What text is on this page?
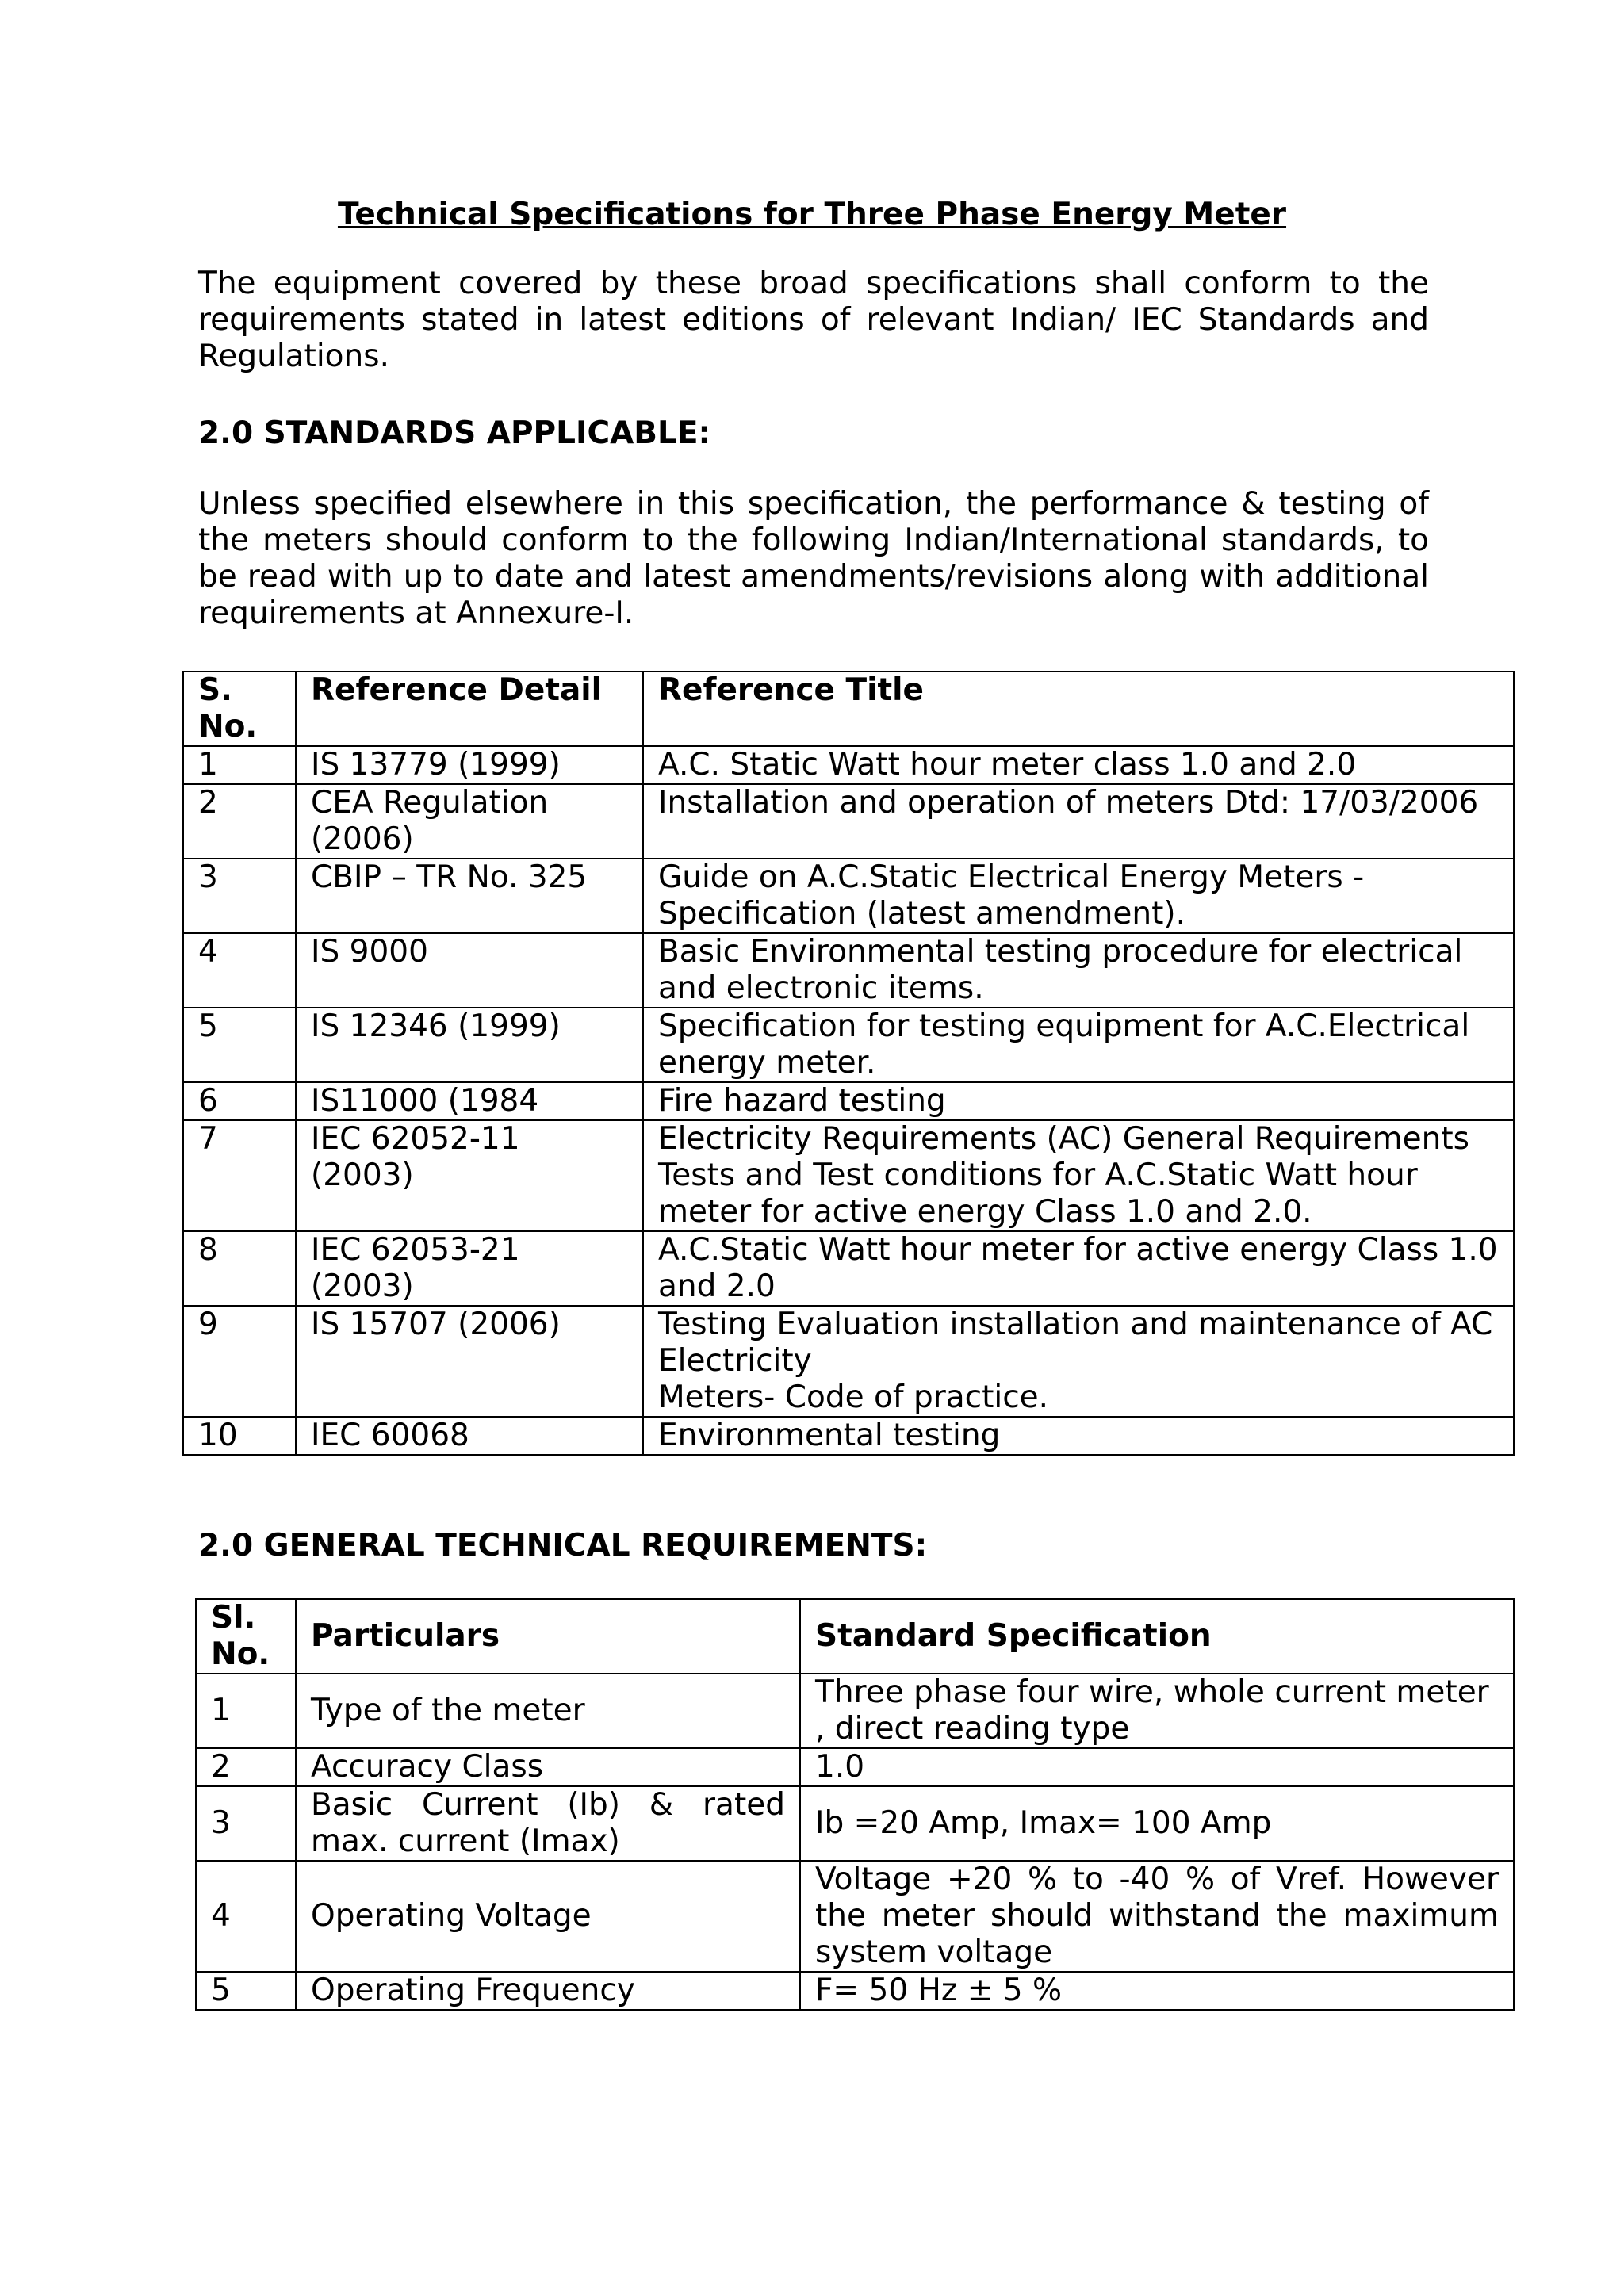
Technical Specifications for Three Phase Energy Meter

The equipment covered by these broad specifications shall conform to the requirements stated in latest editions of relevant Indian/ IEC Standards and Regulations.

2.0 STANDARDS APPLICABLE:

Unless specified elsewhere in this specification, the performance & testing of the meters should conform to the following Indian/International standards, to be read with up to date and latest amendments/revisions along with additional requirements at Annexure-I.

S. No.	Reference Detail	Reference Title
1	IS 13779 (1999)	A.C. Static Watt hour meter class 1.0 and 2.0
2	CEA Regulation (2006)	Installation and operation of meters Dtd: 17/03/2006
3	CBIP – TR No. 325	Guide on A.C.Static Electrical Energy Meters - Specification (latest amendment).
4	IS 9000	Basic Environmental testing procedure for electrical and electronic items.
5	IS 12346 (1999)	Specification for testing equipment for A.C.Electrical energy meter.
6	IS11000 (1984	Fire hazard testing
7	IEC 62052-11 (2003)	Electricity Requirements (AC) General Requirements Tests and Test conditions for A.C.Static Watt hour meter for active energy Class 1.0 and 2.0.
8	IEC 62053-21 (2003)	A.C.Static Watt hour meter for active energy Class 1.0 and 2.0
9	IS 15707 (2006)	Testing Evaluation installation and maintenance of AC Electricity
Meters- Code of practice.
10	IEC 60068	Environmental testing

2.0 GENERAL TECHNICAL REQUIREMENTS:

Sl. No.	Particulars	Standard Specification
1	Type of the meter	Three phase four wire, whole current meter , direct reading type
2	Accuracy Class	1.0
3	Basic Current (Ib) & rated max. current (Imax)	Ib =20 Amp, Imax= 100 Amp
4	Operating Voltage	Voltage +20 % to -40 % of Vref. However the meter should withstand the maximum system voltage
5	Operating Frequency	F= 50 Hz ± 5 %
